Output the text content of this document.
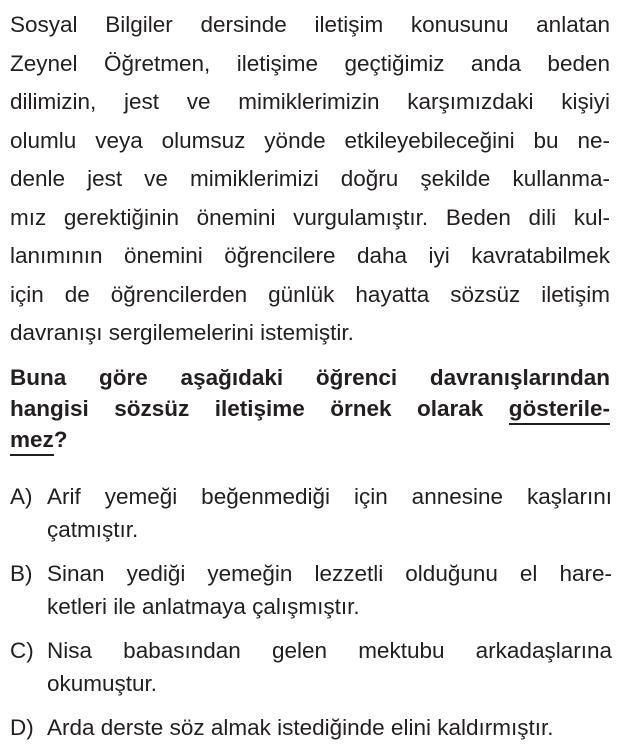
Sosyal Bilgiler dersinde iletişim konusunu anlatan
Zeynel Öğretmen, iletişime geçtiğimiz anda beden
dilimizin, jest ve mimiklerimizin karşımızdaki kişiyi
olumlu veya olumsuz yönde etkileyebileceğini bu ne-
denle jest ve mimiklerimizi doğru şekilde kullanma-
mız gerektiğinin önemini vurgulamıştır. Beden dili kul-
lanımının önemini öğrencilere daha iyi kavratabilmek
için de öğrencilerden günlük hayatta sözsüz iletişim
davranışı sergilemelerini istemiştir.
Buna göre aşağıdaki öğrenci davranışlarından
hangisi sözsüz iletişime örnek olarak gösterile-
mez?
A) Arif yemeği beğenmediği için annesine kaşlarını
çatmıştır.
B) Sinan yediği yemeğin lezzetli olduğunu el hare-
ketleri ile anlatmaya çalışmıştır.
C) Nisa babasından gelen mektubu arkadaşlarına
okumuştur.
D) Arda derste söz almak istediğinde elini kaldırmıştır.
